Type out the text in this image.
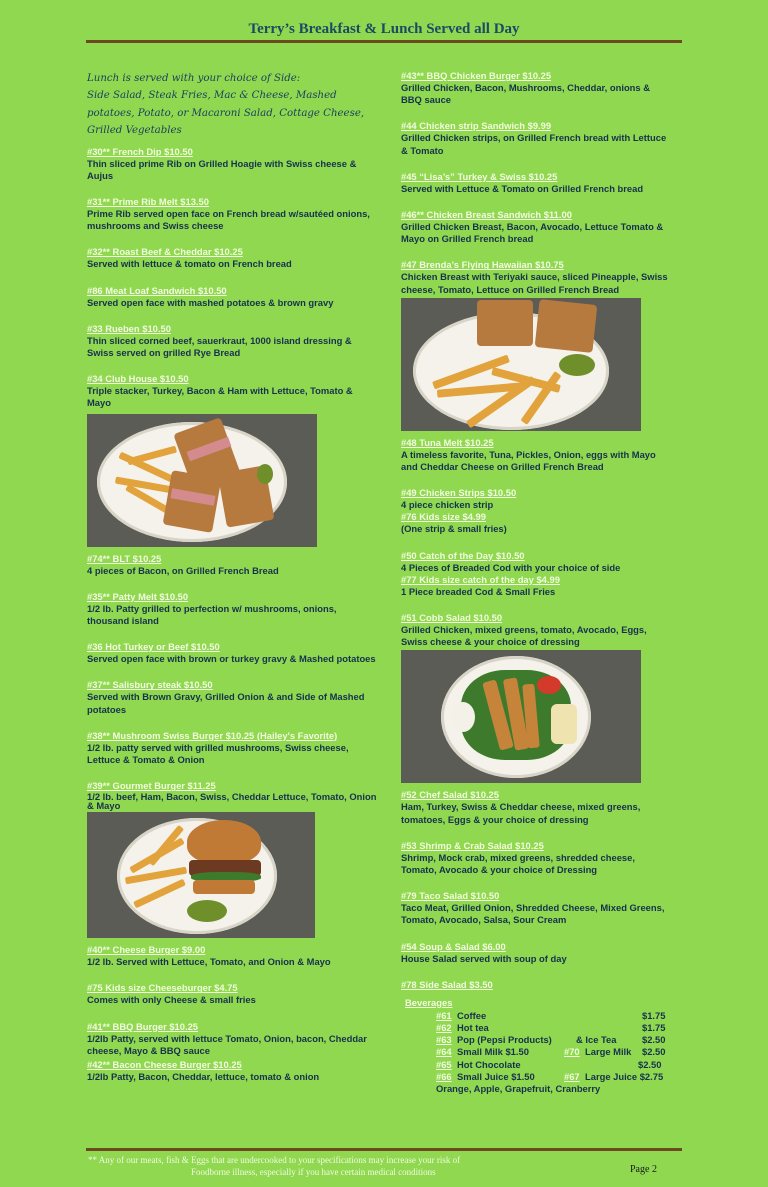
Terry’s Breakfast & Lunch Served all Day
Lunch is served with your choice of Side:
Side Salad, Steak Fries, Mac & Cheese, Mashed
potatoes, Potato, or Macaroni Salad, Cottage Cheese,
Grilled Vegetables
#30** French Dip $10.50
Thin sliced prime Rib on Grilled Hoagie with Swiss cheese & Aujus
#31** Prime Rib Melt $13.50
Prime Rib served open face on French bread w/sautéed onions, mushrooms and Swiss cheese
#32** Roast Beef & Cheddar $10.25
Served with lettuce & tomato on French bread
#86 Meat Loaf Sandwich $10.50
Served open face with mashed potatoes & brown gravy
#33 Rueben $10.50
Thin sliced corned beef, sauerkraut, 1000 island dressing & Swiss served on grilled Rye Bread
#34 Club House $10.50
Triple stacker, Turkey, Bacon & Ham with Lettuce, Tomato & Mayo
#74** BLT $10.25
4 pieces of Bacon, on Grilled French Bread
#35** Patty Melt $10.50
1/2 lb. Patty grilled to perfection w/ mushrooms, onions, thousand island
#36 Hot Turkey or Beef $10.50
Served open face with brown or turkey gravy & Mashed potatoes
#37** Salisbury steak $10.50
Served with Brown Gravy, Grilled Onion & and Side of Mashed potatoes
#38** Mushroom Swiss Burger $10.25 (Hailey's Favorite)
1/2 lb. patty served with grilled mushrooms, Swiss cheese, Lettuce & Tomato & Onion
#39** Gourmet Burger $11.25
1/2 lb. beef, Ham, Bacon, Swiss, Cheddar Lettuce, Tomato, Onion & Mayo
#40** Cheese Burger $9.00
1/2 lb. Served with Lettuce, Tomato, and Onion & Mayo
#75 Kids size Cheeseburger $4.75
Comes with only Cheese & small fries
#41** BBQ Burger $10.25
1/2lb Patty, served with lettuce Tomato, Onion, bacon, Cheddar cheese, Mayo & BBQ sauce
#42** Bacon Cheese Burger $10.25
1/2lb Patty, Bacon, Cheddar, lettuce, tomato & onion
#43** BBQ Chicken Burger $10.25
Grilled Chicken, Bacon, Mushrooms, Cheddar, onions & BBQ sauce
#44 Chicken strip Sandwich $9.99
Grilled Chicken strips, on Grilled French bread with Lettuce & Tomato
#45 “Lisa’s” Turkey & Swiss $10.25
Served with Lettuce & Tomato on Grilled French bread
#46** Chicken Breast Sandwich $11.00
Grilled Chicken Breast, Bacon, Avocado, Lettuce Tomato & Mayo on Grilled French bread
#47 Brenda’s Flying Hawaiian $10.75
Chicken Breast with Teriyaki sauce, sliced Pineapple, Swiss cheese, Tomato, Lettuce on Grilled French Bread
#48 Tuna Melt $10.25
A timeless favorite, Tuna, Pickles, Onion, eggs with Mayo and Cheddar Cheese on Grilled French Bread
#49 Chicken Strips $10.50
4 piece chicken strip
#76 Kids size $4.99
(One strip & small fries)
#50 Catch of the Day $10.50
4 Pieces of Breaded Cod with your choice of side
#77 Kids size catch of the day $4.99
1 Piece breaded Cod & Small Fries
#51 Cobb Salad $10.50
Grilled Chicken, mixed greens, tomato, Avocado, Eggs, Swiss cheese & your choice of dressing
#52 Chef Salad $10.25
Ham, Turkey, Swiss & Cheddar cheese, mixed greens, tomatoes, Eggs & your choice of dressing
#53 Shrimp & Crab Salad $10.25
Shrimp, Mock crab, mixed greens, shredded cheese, Tomato, Avocado & your choice of Dressing
#79 Taco Salad $10.50
Taco Meat, Grilled Onion, Shredded Cheese, Mixed Greens, Tomato, Avocado, Salsa, Sour Cream
#54 Soup & Salad $6.00
House Salad served with soup of day
#78 Side Salad $3.50
Beverages
#61 Coffee	$1.75
#62 Hot tea	$1.75
#63 Pop (Pepsi Products)	& Ice Tea	$2.50
#64 Small Milk $1.50	#70 Large Milk $2.50
#65 Hot Chocolate	$2.50
#66 Small Juice $1.50	#67 Large Juice $2.75
Orange, Apple, Grapefruit, Cranberry
** Any of our meats, fish & Eggs that are undercooked to your specifications may increase your risk of
Foodborne illness, especially if you have certain medical conditions	Page 2
